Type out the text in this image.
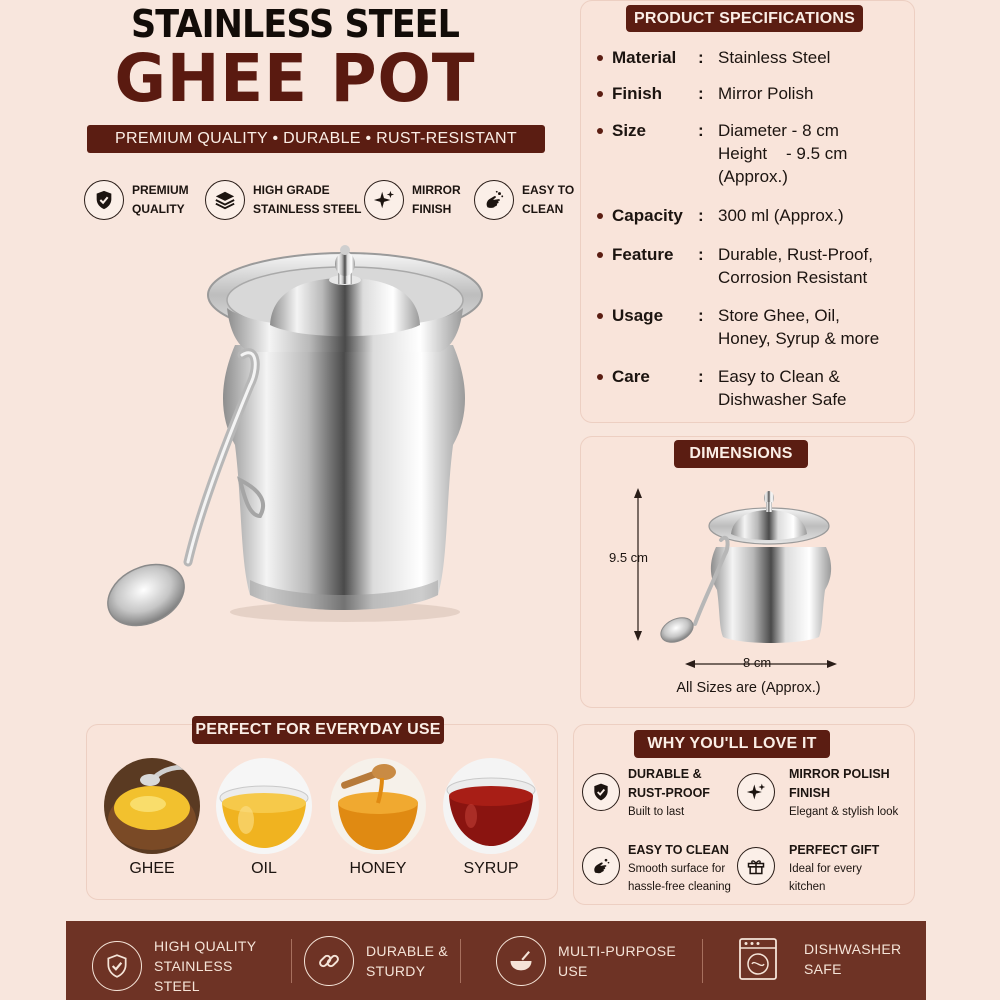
STAINLESS STEEL
GHEE POT
PREMIUM QUALITY • DURABLE • RUST-RESISTANT
PREMIUM
QUALITY
HIGH GRADE
STAINLESS STEEL
MIRROR
FINISH
EASY TO
CLEAN
PRODUCT SPECIFICATIONS
Material : Stainless Steel
Finish : Mirror Polish
Size	: Diameter - 8 cm
Height    - 9.5 cm
(Approx.)
Capacity : 300 ml (Approx.)
Feature : Durable, Rust-Proof,
Corrosion Resistant
Usage : Store Ghee, Oil,
Honey, Syrup & more
Care	: Easy to Clean &
Dishwasher Safe
DIMENSIONS
9.5 cm
8 cm
All Sizes are (Approx.)
PERFECT FOR EVERYDAY USE
GHEE	OIL	HONEY	SYRUP
WHY YOU'LL LOVE IT
DURABLE &
RUST-PROOF
Built to last
MIRROR POLISH
FINISH
Elegant & stylish look
EASY TO CLEAN
Smooth surface for
hassle-free cleaning
PERFECT GIFT
Ideal for every
kitchen
HIGH QUALITY
STAINLESS STEEL
DURABLE &
STURDY
MULTI-PURPOSE
USE
DISHWASHER
SAFE
